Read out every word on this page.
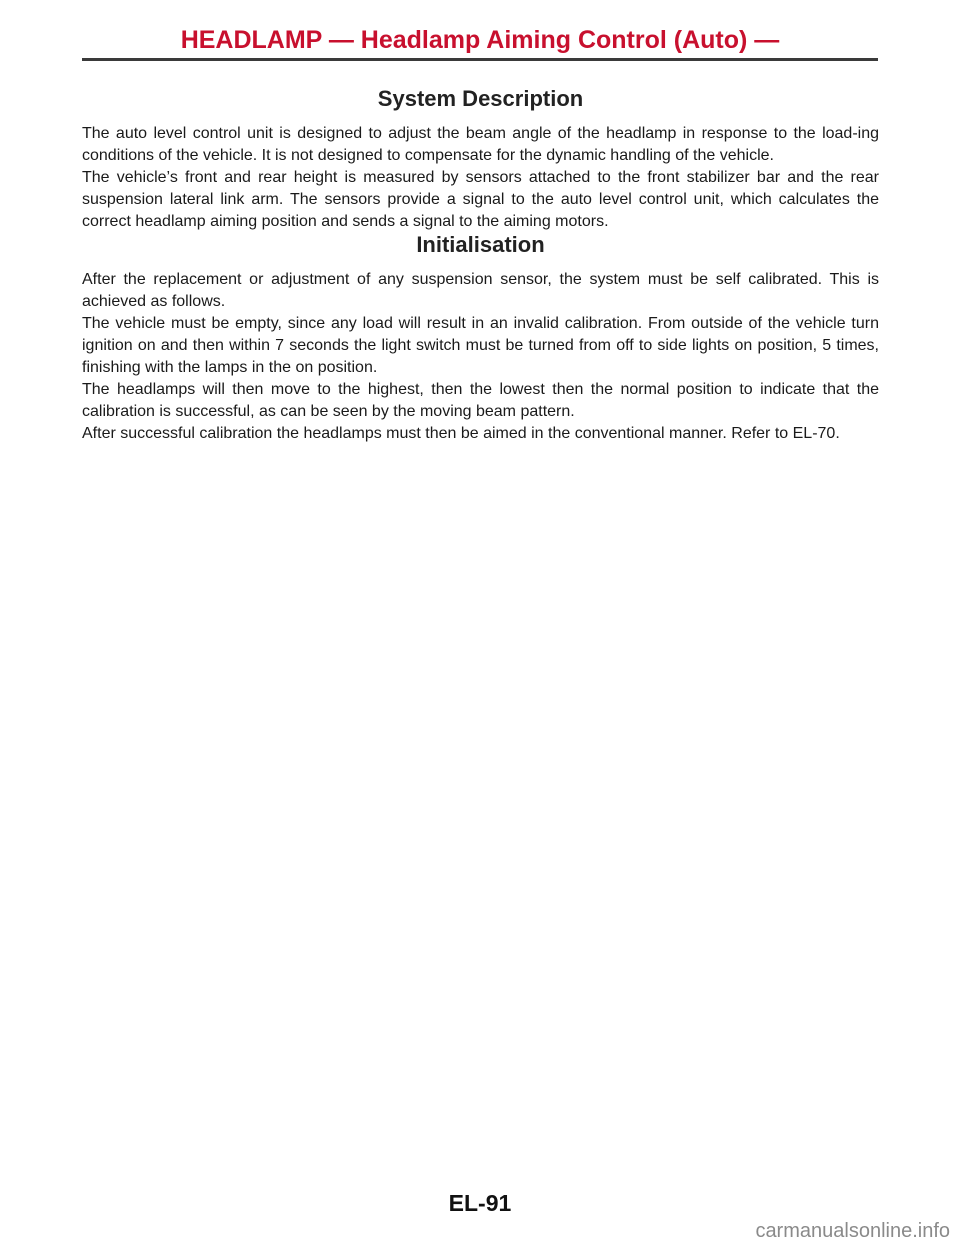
HEADLAMP — Headlamp Aiming Control (Auto) —
System Description

The auto level control unit is designed to adjust the beam angle of the headlamp in response to the load-ing conditions of the vehicle. It is not designed to compensate for the dynamic handling of the vehicle.

The vehicle’s front and rear height is measured by sensors attached to the front stabilizer bar and the rear suspension lateral link arm. The sensors provide a signal to the auto level control unit, which calculates the correct headlamp aiming position and sends a signal to the aiming motors.

Initialisation

After the replacement or adjustment of any suspension sensor, the system must be self calibrated. This is achieved as follows.

The vehicle must be empty, since any load will result in an invalid calibration. From outside of the vehicle turn ignition on and then within 7 seconds the light switch must be turned from off to side lights on position, 5 times, finishing with the lamps in the on position.

The headlamps will then move to the highest, then the lowest then the normal position to indicate that the calibration is successful, as can be seen by the moving beam pattern.

After successful calibration the headlamps must then be aimed in the conventional manner. Refer to EL-70.

EL-91
carmanualsonline.info
